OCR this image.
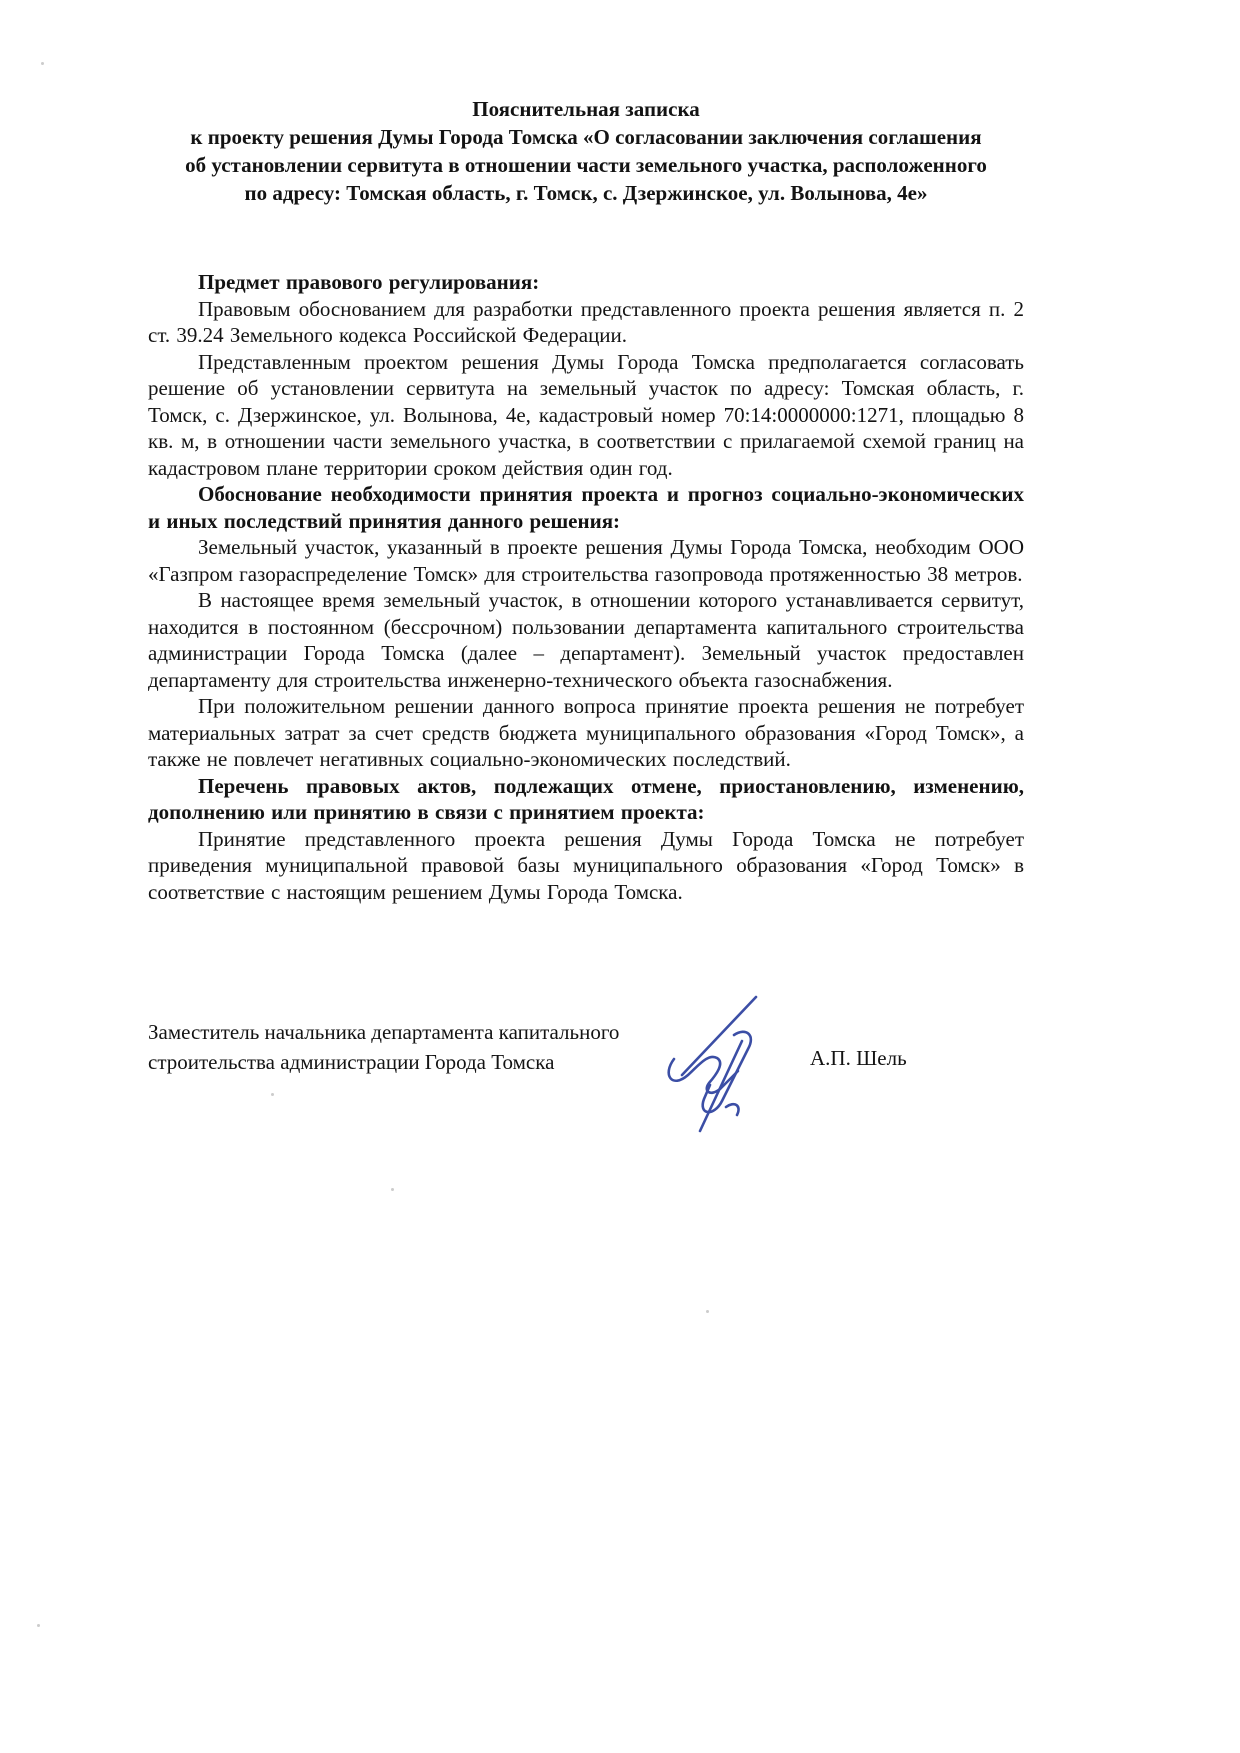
Пояснительная записка
к проекту решения Думы Города Томска «О согласовании заключения соглашения
об установлении сервитута в отношении части земельного участка, расположенного
по адресу: Томская область, г. Томск, с. Дзержинское, ул. Волынова, 4е»

Предмет правового регулирования:

Правовым обоснованием для разработки представленного проекта решения является п. 2 ст. 39.24 Земельного кодекса Российской Федерации.

Представленным проектом решения Думы Города Томска предполагается согласовать решение об установлении сервитута на земельный участок по адресу: Томская область, г. Томск, с. Дзержинское, ул. Волынова, 4е, кадастровый номер 70:14:0000000:1271, площадью 8 кв. м, в отношении части земельного участка, в соответствии с прилагаемой схемой границ на кадастровом плане территории сроком действия один год.

Обоснование необходимости принятия проекта и прогноз социально-экономических и иных последствий принятия данного решения:

Земельный участок, указанный в проекте решения Думы Города Томска, необходим ООО «Газпром газораспределение Томск» для строительства газопровода протяженностью 38 метров.

В настоящее время земельный участок, в отношении которого устанавливается сервитут, находится в постоянном (бессрочном) пользовании департамента капитального строительства администрации Города Томска (далее – департамент). Земельный участок предоставлен департаменту для строительства инженерно-технического объекта газоснабжения.

При положительном решении данного вопроса принятие проекта решения не потребует материальных затрат за счет средств бюджета муниципального образования «Город Томск», а также не повлечет негативных социально-экономических последствий.

Перечень правовых актов, подлежащих отмене, приостановлению, изменению, дополнению или принятию в связи с принятием проекта:

Принятие представленного проекта решения Думы Города Томска не потребует приведения муниципальной правовой базы муниципального образования «Город Томск» в соответствие с настоящим решением Думы Города Томска.

Заместитель начальника департамента капитального
строительства администрации Города Томска	А.П. Шель
